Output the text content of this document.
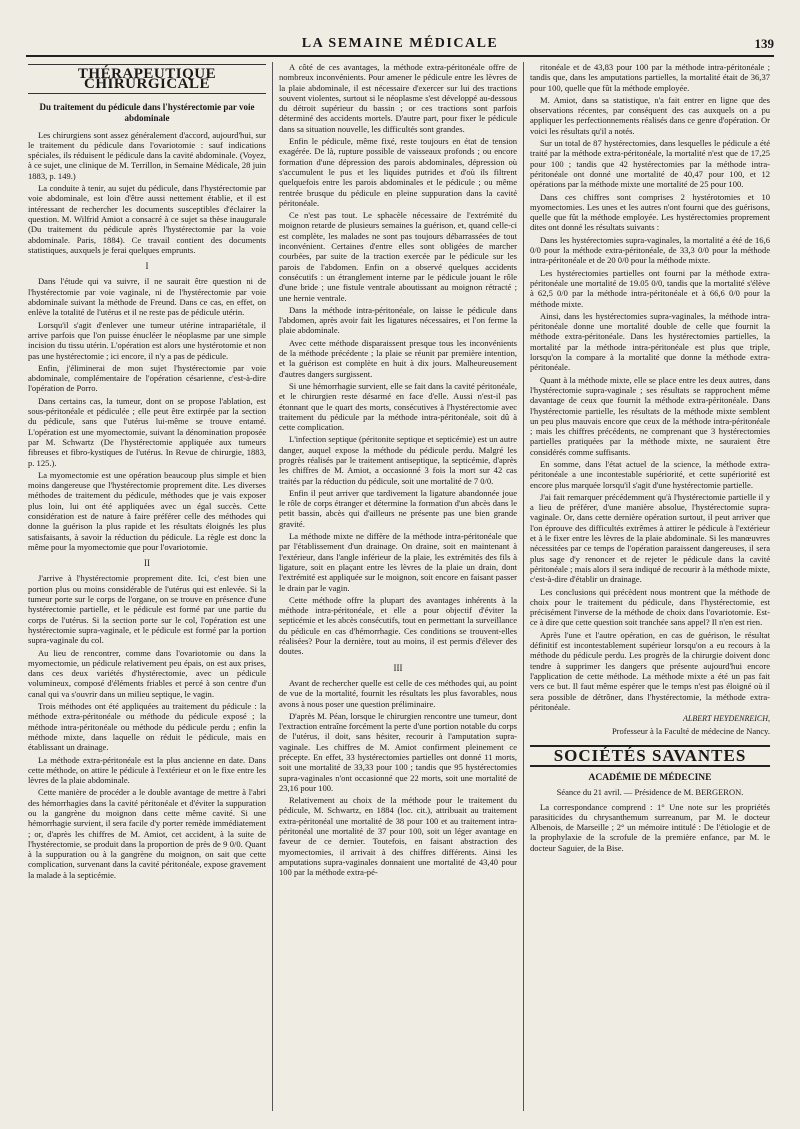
LA SEMAINE MÉDICALE	139
THÉRAPEUTIQUE CHIRURGICALE
Du traitement du pédicule dans l'hystérectomie par voie abdominale

Les chirurgiens sont assez généralement d'accord, aujourd'hui, sur le traitement du pédicule dans l'ovariotomie : sauf indications spéciales, ils réduisent le pédicule dans la cavité abdominale. (Voyez, à ce sujet, une clinique de M. Terrillon, in Semaine Médicale, 28 juin 1883, p. 149.)

La conduite à tenir, au sujet du pédicule, dans l'hystérectomie par voie abdominale, est loin d'être aussi nettement établie, et il est intéressant de rechercher les documents susceptibles d'éclairer la question. M. Wilfrid Amiot a consacré à ce sujet sa thèse inaugurale (Du traitement du pédicule après l'hystérectomie par la voie abdominale. Paris, 1884). Ce travail contient des documents statistiques, auxquels je ferai quelques emprunts.

I

Dans l'étude qui va suivre, il ne saurait être question ni de l'hystérectomie par voie vaginale, ni de l'hystérectomie par voie abdominale suivant la méthode de Freund. Dans ce cas, en effet, on enlève la totalité de l'utérus et il ne reste pas de pédicule utérin.

Lorsqu'il s'agit d'enlever une tumeur utérine intrapariétale, il arrive parfois que l'on puisse énucléer le néoplasme par une simple incision du tissu utérin. L'opération est alors une hystérotomie et non pas une hystérectomie ; ici encore, il n'y a pas de pédicule.

Enfin, j'éliminerai de mon sujet l'hystérectomie par voie abdominale, complémentaire de l'opération césarienne, c'est-à-dire l'opération de Porro.

Dans certains cas, la tumeur, dont on se propose l'ablation, est sous-péritonéale et pédiculée ; elle peut être extirpée par la section du pédicule, sans que l'utérus lui-même se trouve entamé. L'opération est une myomectomie, suivant la dénomination proposée par M. Schwartz (De l'hystérectomie appliquée aux tumeurs fibreuses et fibro-kystiques de l'utérus. In Revue de chirurgie, 1883, p. 125.).

La myomectomie est une opération beaucoup plus simple et bien moins dangereuse que l'hystérectomie proprement dite. Les diverses méthodes de traitement du pédicule, méthodes que je vais exposer plus loin, lui ont été appliquées avec un égal succès. Cette considération est de nature à faire préférer celle des méthodes qui donne la guérison la plus rapide et les résultats éloignés les plus satisfaisants, à savoir la réduction du pédicule. La règle est donc la même pour la myomectomie que pour l'ovariotomie.

II

J'arrive à l'hystérectomie proprement dite. Ici, c'est bien une portion plus ou moins considérable de l'utérus qui est enlevée. Si la tumeur porte sur le corps de l'organe, on se trouve en présence d'une hystérectomie partielle, et le pédicule est formé par une partie du corps de l'utérus. Si la section porte sur le col, l'opération est une hystérectomie supra-vaginale, et le pédicule est formé par la portion supra-vaginale du col.

Au lieu de rencontrer, comme dans l'ovariotomie ou dans la myomectomie, un pédicule relativement peu épais, on est aux prises, dans ces deux variétés d'hystérectomie, avec un pédicule volumineux, composé d'éléments friables et percé à son centre d'un canal qui va s'ouvrir dans un milieu septique, le vagin.

Trois méthodes ont été appliquées au traitement du pédicule : la méthode extra-péritonéale ou méthode du pédicule exposé ; la méthode intra-péritonéale ou méthode du pédicule perdu ; enfin la méthode mixte, dans laquelle on réduit le pédicule, mais en établissant un drainage.

La méthode extra-péritonéale est la plus ancienne en date. Dans cette méthode, on attire le pédicule à l'extérieur et on le fixe entre les lèvres de la plaie abdominale.

Cette manière de procéder a le double avantage de mettre à l'abri des hémorrhagies dans la cavité péritonéale et d'éviter la suppuration ou la gangrène du moignon dans cette même cavité. Si une hémorrhagie survient, il sera facile d'y porter remède immédiatement ; or, d'après les chiffres de M. Amiot, cet accident, à la suite de l'hystérectomie, se produit dans la proportion de près de 9 0/0. Quant à la suppuration ou à la gangrène du moignon, on sait que cette complication, survenant dans la cavité péritonéale, expose gravement la malade à la septicémie.

A côté de ces avantages, la méthode extra-péritonéale offre de nombreux inconvénients. Pour amener le pédicule entre les lèvres de la plaie abdominale, il est nécessaire d'exercer sur lui des tractions souvent violentes, surtout si le néoplasme s'est développé au-dessous du détroit supérieur du bassin ; or ces tractions sont parfois déterminé des accidents mortels. D'autre part, pour fixer le pédicule dans sa situation nouvelle, les difficultés sont grandes.

Enfin le pédicule, même fixé, reste toujours en état de tension exagérée. De là, rupture possible de vaisseaux profonds ; ou encore formation d'une dépression des parois abdominales, dépression où s'accumulent le pus et les liquides putrides et d'où ils filtrent quelquefois entre les parois abdominales et le pédicule ; ou même rentrée brusque du pédicule en pleine suppuration dans la cavité péritonéale.

Ce n'est pas tout. Le sphacèle nécessaire de l'extrémité du moignon retarde de plusieurs semaines la guérison, et, quand celle-ci est complète, les malades ne sont pas toujours débarrassées de tout inconvénient. Certaines d'entre elles sont obligées de marcher courbées, par suite de la traction exercée par le pédicule sur les parois de l'abdomen. Enfin on a observé quelques accidents consécutifs : un étranglement interne par le pédicule jouant le rôle d'une bride ; une fistule ventrale aboutissant au moignon rétracté ; une hernie ventrale.

Dans la méthode intra-péritonéale, on laisse le pédicule dans l'abdomen, après avoir fait les ligatures nécessaires, et l'on ferme la plaie abdominale.

Avec cette méthode disparaissent presque tous les inconvénients de la méthode précédente ; la plaie se réunit par première intention, et la guérison est complète en huit à dix jours. Malheureusement d'autres dangers surgissent.

Si une hémorrhagie survient, elle se fait dans la cavité péritonéale, et le chirurgien reste désarmé en face d'elle. Aussi n'est-il pas étonnant que le quart des morts, consécutives à l'hystérectomie avec traitement du pédicule par la méthode intra-péritonéale, soit dû à cette complication.

L'infection septique (péritonite septique et septicémie) est un autre danger, auquel expose la méthode du pédicule perdu. Malgré les progrès réalisés par le traitement antiseptique, la septicémie, d'après les chiffres de M. Amiot, a occasionné 3 fois la mort sur 42 cas traités par la réduction du pédicule, soit une mortalité de 7 0/0.

Enfin il peut arriver que tardivement la ligature abandonnée joue le rôle de corps étranger et détermine la formation d'un abcès dans le petit bassin, abcès qui d'ailleurs ne présente pas une bien grande gravité.

La méthode mixte ne diffère de la méthode intra-péritonéale que par l'établissement d'un drainage. On draine, soit en maintenant à l'extérieur, dans l'angle inférieur de la plaie, les extrémités des fils à ligature, soit en plaçant entre les lèvres de la plaie un drain, dont l'extrémité est appliquée sur le moignon, soit encore en faisant passer le drain par le vagin.

Cette méthode offre la plupart des avantages inhérents à la méthode intra-péritonéale, et elle a pour objectif d'éviter la septicémie et les abcès consécutifs, tout en permettant la surveillance du pédicule en cas d'hémorrhagie. Ces conditions se trouvent-elles réalisées? Pour la dernière, tout au moins, il est permis d'élever des doutes.

III

Avant de rechercher quelle est celle de ces méthodes qui, au point de vue de la mortalité, fournit les résultats les plus favorables, nous avons à nous poser une question préliminaire.

D'après M. Péan, lorsque le chirurgien rencontre une tumeur, dont l'extraction entraîne forcément la perte d'une portion notable du corps de l'utérus, il doit, sans hésiter, recourir à l'amputation supra-vaginale. Les chiffres de M. Amiot confirment pleinement ce précepte. En effet, 33 hystérectomies partielles ont donné 11 morts, soit une mortalité de 33,33 pour 100 ; tandis que 95 hystérectomies supra-vaginales n'ont occasionné que 22 morts, soit une mortalité de 23,16 pour 100.

Relativement au choix de la méthode pour le traitement du pédicule, M. Schwartz, en 1884 (loc. cit.), attribuait au traitement extra-péritonéal une mortalité de 38 pour 100 et au traitement intra-péritonéal une mortalité de 37 pour 100, soit un léger avantage en faveur de ce dernier. Toutefois, en faisant abstraction des myomectomies, il arrivait à des chiffres différents. Ainsi les amputations supra-vaginales donnaient une mortalité de 43,40 pour 100 par la méthode extra-pé-

ritonéale et de 43,83 pour 100 par la méthode intra-péritonéale ; tandis que, dans les amputations partielles, la mortalité était de 36,37 pour 100, quelle que fût la méthode employée.

M. Amiot, dans sa statistique, n'a fait entrer en ligne que des observations récentes, par conséquent des cas auxquels on a pu appliquer les perfectionnements réalisés dans ce genre d'opération. Or voici les résultats qu'il a notés.

Sur un total de 87 hystérectomies, dans lesquelles le pédicule a été traité par la méthode extra-péritonéale, la mortalité n'est que de 17,25 pour 100 ; tandis que 42 hystérectomies par la méthode intra-péritonéale ont donné une mortalité de 40,47 pour 100, et 12 opérations par la méthode mixte une mortalité de 25 pour 100.

Dans ces chiffres sont comprises 2 hystérotomies et 10 myomectomies. Les unes et les autres n'ont fourni que des guérisons, quelle que fût la méthode employée. Les hystérectomies proprement dites ont donné les résultats suivants :

Dans les hystérectomies supra-vaginales, la mortalité a été de 16,6 0/0 pour la méthode extra-péritonéale, de 33,3 0/0 pour la méthode intra-péritonéale et de 20 0/0 pour la méthode mixte.

Les hystérectomies partielles ont fourni par la méthode extra-péritonéale une mortalité de 19.05 0/0, tandis que la mortalité s'élève à 62,5 0/0 par la méthode intra-péritonéale et à 66,6 0/0 pour la méthode mixte.

Ainsi, dans les hystérectomies supra-vaginales, la méthode intra-péritonéale donne une mortalité double de celle que fournit la méthode extra-péritonéale. Dans les hystérectomies partielles, la mortalité par la méthode intra-péritonéale est plus que triple, lorsqu'on la compare à la mortalité que donne la méthode extra-péritonéale.

Quant à la méthode mixte, elle se place entre les deux autres, dans l'hystérectomie supra-vaginale ; ses résultats se rapprochent même davantage de ceux que fournit la méthode extra-péritonéale. Dans l'hystérectomie partielle, les résultats de la méthode mixte semblent un peu plus mauvais encore que ceux de la méthode intra-péritonéale ; mais les chiffres précédents, ne comprenant que 3 hystérectomies partielles pratiquées par la méthode mixte, ne sauraient être considérés comme suffisants.

En somme, dans l'état actuel de la science, la méthode extra-péritonéale a une incontestable supériorité, et cette supériorité est encore plus marquée lorsqu'il s'agit d'une hystérectomie partielle.

J'ai fait remarquer précédemment qu'à l'hystérectomie partielle il y a lieu de préférer, d'une manière absolue, l'hystérectomie supra-vaginale. Or, dans cette dernière opération surtout, il peut arriver que l'on éprouve des difficultés extrêmes à attirer le pédicule à l'extérieur et à le fixer entre les lèvres de la plaie abdominale. Si les manœuvres nécessitées par ce temps de l'opération paraissent dangereuses, il sera plus sage d'y renoncer et de rejeter le pédicule dans la cavité péritonéale ; mais alors il sera indiqué de recourir à la méthode mixte, c'est-à-dire d'établir un drainage.

Les conclusions qui précèdent nous montrent que la méthode de choix pour le traitement du pédicule, dans l'hystérectomie, est précisément l'inverse de la méthode de choix dans l'ovariotomie. Est-ce à dire que cette question soit tranchée sans appel? Il n'en est rien.

Après l'une et l'autre opération, en cas de guérison, le résultat définitif est incontestablement supérieur lorsqu'on a eu recours à la méthode du pédicule perdu. Les progrès de la chirurgie doivent donc tendre à supprimer les dangers que présente aujourd'hui encore l'application de cette méthode. La méthode mixte a été un pas fait vers ce but. Il faut même espérer que le temps n'est pas éloigné où il sera possible de détrôner, dans l'hystérectomie, la méthode extra-péritonéale.

ALBERT HEYDENREICH,
Professeur à la Faculté de médecine de Nancy.
SOCIÉTÉS SAVANTES
ACADÉMIE DE MÉDECINE
Séance du 21 avril. — Présidence de M. BERGERON.

La correspondance comprend : 1° Une note sur les propriétés parasiticides du chrysanthemum surreanum, par M. le docteur Albenois, de Marseille ; 2° un mémoire intitulé : De l'étiologie et de la prophylaxie de la scrofule de la première enfance, par M. le docteur Saguier, de la Bise.
